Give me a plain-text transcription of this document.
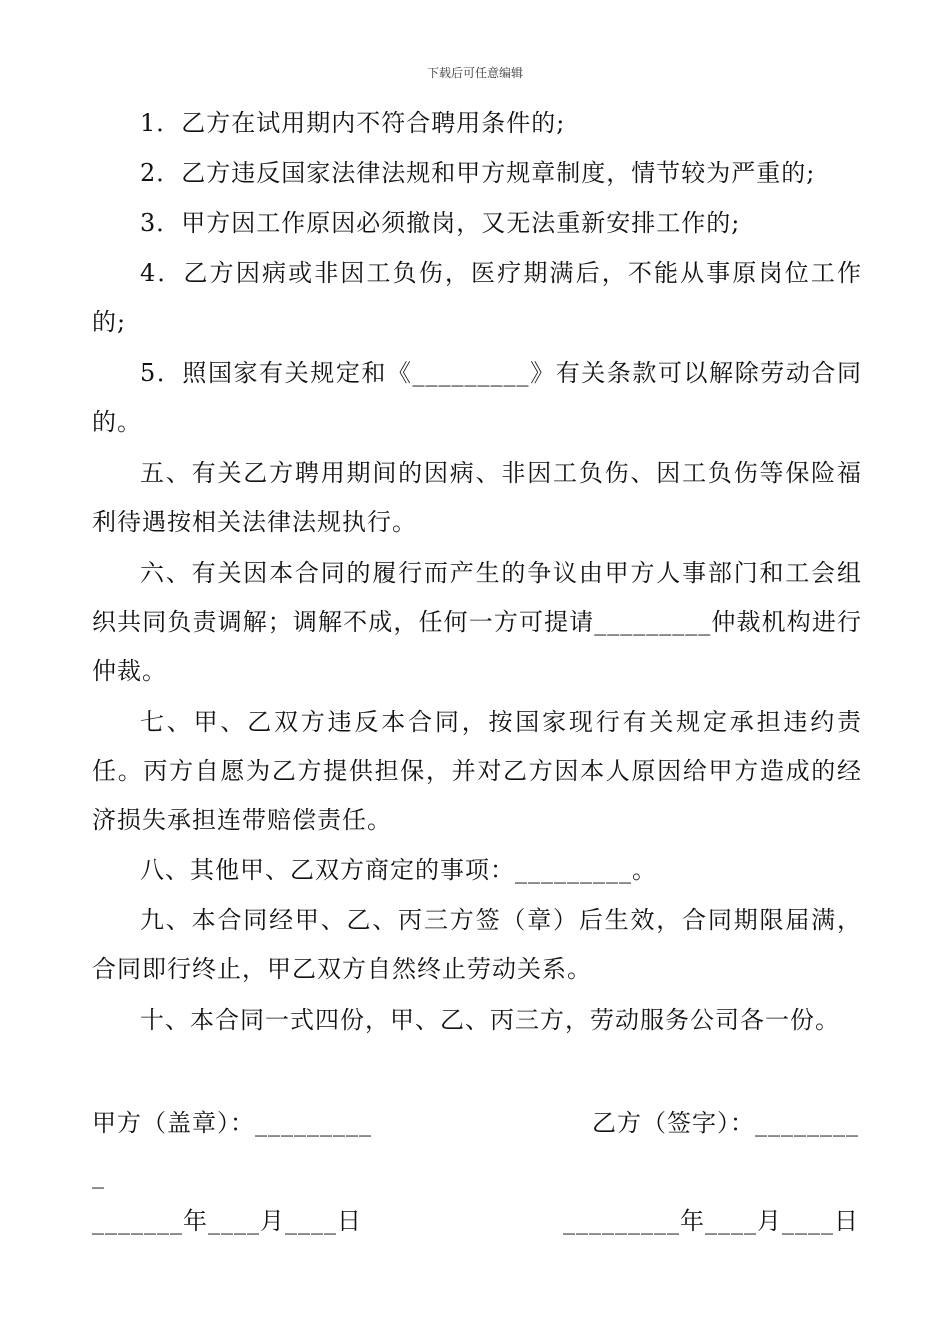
下载后可任意编辑

1．乙方在试用期内不符合聘用条件的;

2．乙方违反国家法律法规和甲方规章制度，情节较为严重的;

3．甲方因工作原因必须撤岗，又无法重新安排工作的;

4．乙方因病或非因工负伤，医疗期满后，不能从事原岗位工作的;

5．照国家有关规定和《_________》有关条款可以解除劳动合同的。

五、有关乙方聘用期间的因病、非因工负伤、因工负伤等保险福利待遇按相关法律法规执行。

六、有关因本合同的履行而产生的争议由甲方人事部门和工会组织共同负责调解；调解不成，任何一方可提请_________仲裁机构进行仲裁。

七、甲、乙双方违反本合同，按国家现行有关规定承担违约责任。丙方自愿为乙方提供担保，并对乙方因本人原因给甲方造成的经济损失承担连带赔偿责任。

八、其他甲、乙双方商定的事项：_________。

九、本合同经甲、乙、丙三方签（章）后生效，合同期限届满，合同即行终止，甲乙双方自然终止劳动关系。

十、本合同一式四份，甲、乙、丙三方，劳动服务公司各一份。

甲方（盖章）：_________	乙方（签字）：________
_
_______年____月____日	_________年____月____日
